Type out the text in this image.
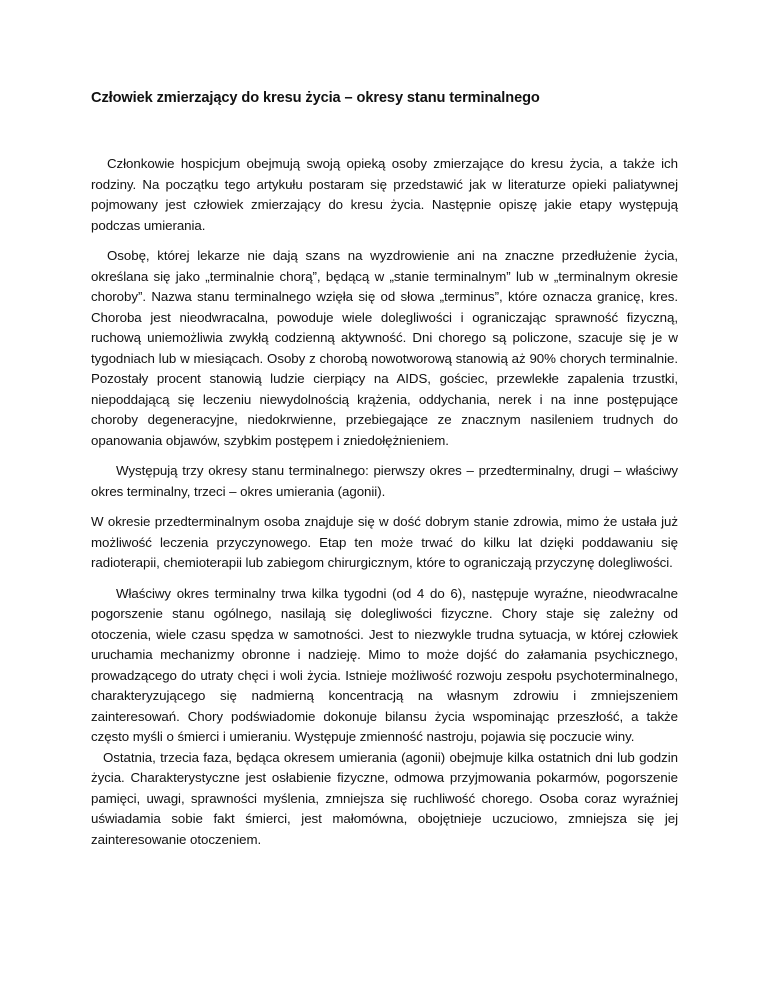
Człowiek zmierzający do kresu życia – okresy stanu terminalnego

Członkowie hospicjum obejmują swoją opieką osoby zmierzające do kresu życia, a także ich rodziny. Na początku tego artykułu postaram się przedstawić jak w literaturze opieki paliatywnej pojmowany jest człowiek zmierzający do kresu życia. Następnie opiszę jakie etapy występują podczas umierania.

Osobę, której lekarze nie dają szans na wyzdrowienie ani na znaczne przedłużenie życia, określana się jako „terminalnie chorą”, będącą w „stanie terminalnym” lub w „terminalnym okresie choroby”. Nazwa stanu terminalnego wzięła się od słowa „terminus”, które oznacza granicę, kres. Choroba jest nieodwracalna, powoduje wiele dolegliwości i ograniczając sprawność fizyczną, ruchową uniemożliwia zwykłą codzienną aktywność. Dni chorego są policzone, szacuje się je w tygodniach lub w miesiącach. Osoby z chorobą nowotworową stanowią aż 90% chorych terminalnie. Pozostały procent stanowią ludzie cierpiący na AIDS, gościec, przewlekłe zapalenia trzustki, niepoddającą się leczeniu niewydolnością krążenia, oddychania, nerek i na inne postępujące choroby degeneracyjne, niedokrwienne, przebiegające ze znacznym nasileniem trudnych do opanowania objawów, szybkim postępem i zniedołężnieniem.

Występują trzy okresy stanu terminalnego: pierwszy okres – przedterminalny, drugi – właściwy okres terminalny, trzeci – okres umierania (agonii).

W okresie przedterminalnym osoba znajduje się w dość dobrym stanie zdrowia, mimo że ustała już możliwość leczenia przyczynowego. Etap ten może trwać do kilku lat dzięki poddawaniu się radioterapii, chemioterapii lub zabiegom chirurgicznym, które to ograniczają przyczynę dolegliwości.

Właściwy okres terminalny trwa kilka tygodni (od 4 do 6), następuje wyraźne, nieodwracalne pogorszenie stanu ogólnego, nasilają się dolegliwości fizyczne. Chory staje się zależny od otoczenia, wiele czasu spędza w samotności. Jest to niezwykle trudna sytuacja, w której człowiek uruchamia mechanizmy obronne i nadzieję. Mimo to może dojść do załamania psychicznego, prowadzącego do utraty chęci i woli życia. Istnieje możliwość rozwoju zespołu psychoterminalnego, charakteryzującego się nadmierną koncentracją na własnym zdrowiu i zmniejszeniem zainteresowań. Chory podświadomie dokonuje bilansu życia wspominając przeszłość, a także często myśli o śmierci i umieraniu. Występuje zmienność nastroju, pojawia się poczucie winy.

Ostatnia, trzecia faza, będąca okresem umierania (agonii) obejmuje kilka ostatnich dni lub godzin życia. Charakterystyczne jest osłabienie fizyczne, odmowa przyjmowania pokarmów, pogorszenie pamięci, uwagi, sprawności myślenia, zmniejsza się ruchliwość chorego. Osoba coraz wyraźniej uświadamia sobie fakt śmierci, jest małomówna, obojętnieje uczuciowo, zmniejsza się jej zainteresowanie otoczeniem.
